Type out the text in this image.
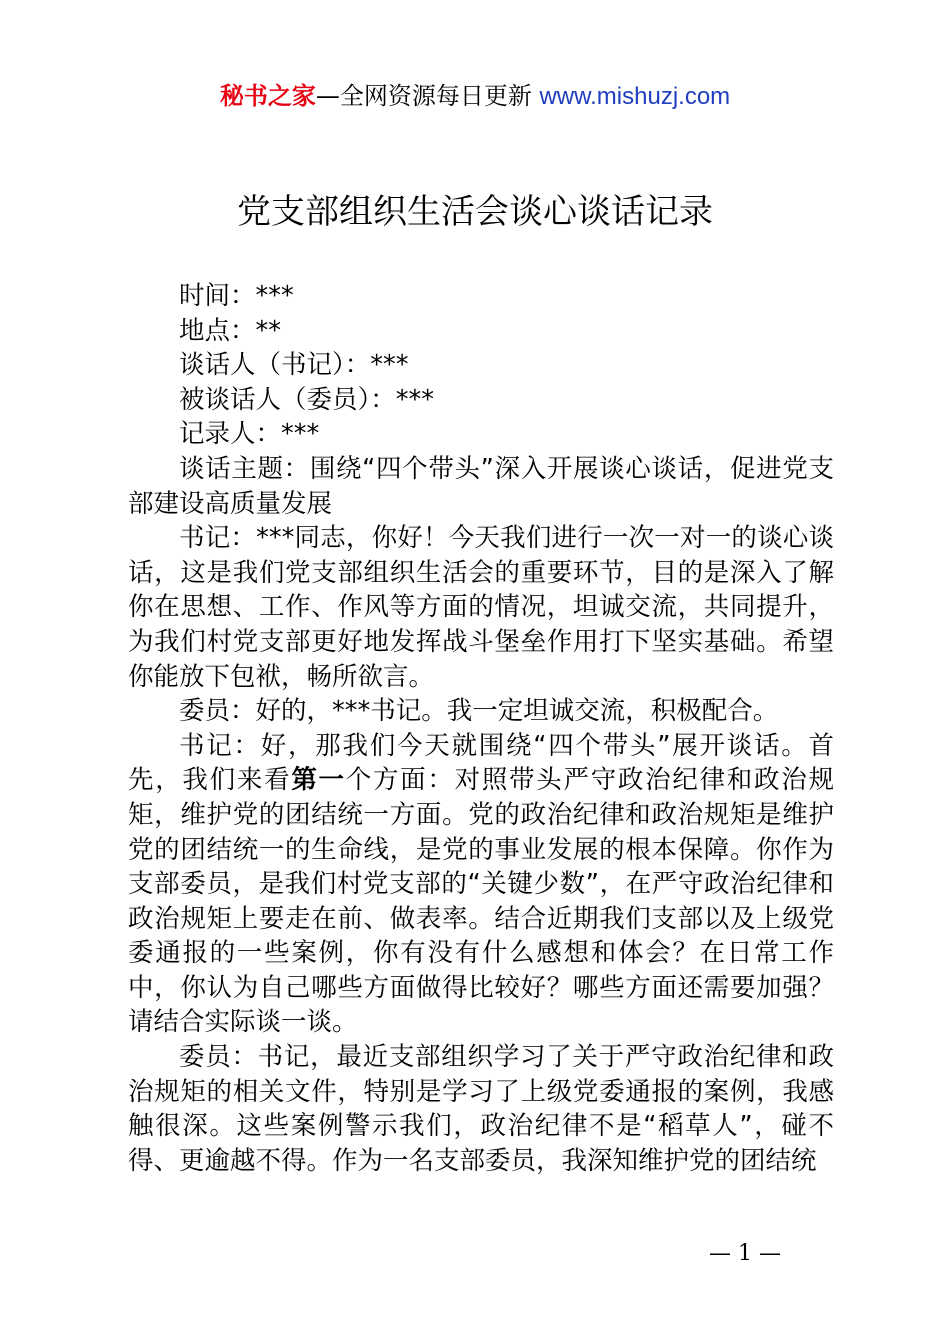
秘书之家—全网资源每日更新 www.mishuzj.com
党支部组织生活会谈心谈话记录

时间：***

地点：**

谈话人（书记）：***

被谈话人（委员）：***

记录人：***

谈话主题：围绕“四个带头”深入开展谈心谈话，促进党支部建设高质量发展

书记：***同志，你好！今天我们进行一次一对一的谈心谈话，这是我们党支部组织生活会的重要环节，目的是深入了解你在思想、工作、作风等方面的情况，坦诚交流，共同提升，为我们村党支部更好地发挥战斗堡垒作用打下坚实基础。希望你能放下包袱，畅所欲言。

委员：好的，***书记。我一定坦诚交流，积极配合。

书记：好，那我们今天就围绕“四个带头”展开谈话。首先，我们来看第一个方面：对照带头严守政治纪律和政治规矩，维护党的团结统一方面。党的政治纪律和政治规矩是维护党的团结统一的生命线，是党的事业发展的根本保障。你作为支部委员，是我们村党支部的“关键少数”，在严守政治纪律和政治规矩上要走在前、做表率。结合近期我们支部以及上级党委通报的一些案例，你有没有什么感想和体会？在日常工作中，你认为自己哪些方面做得比较好？哪些方面还需要加强？请结合实际谈一谈。

委员：书记，最近支部组织学习了关于严守政治纪律和政治规矩的相关文件，特别是学习了上级党委通报的案例，我感触很深。这些案例警示我们，政治纪律不是“稻草人”，碰不得、更逾越不得。作为一名支部委员，我深知维护党的团结统

— 1 —
